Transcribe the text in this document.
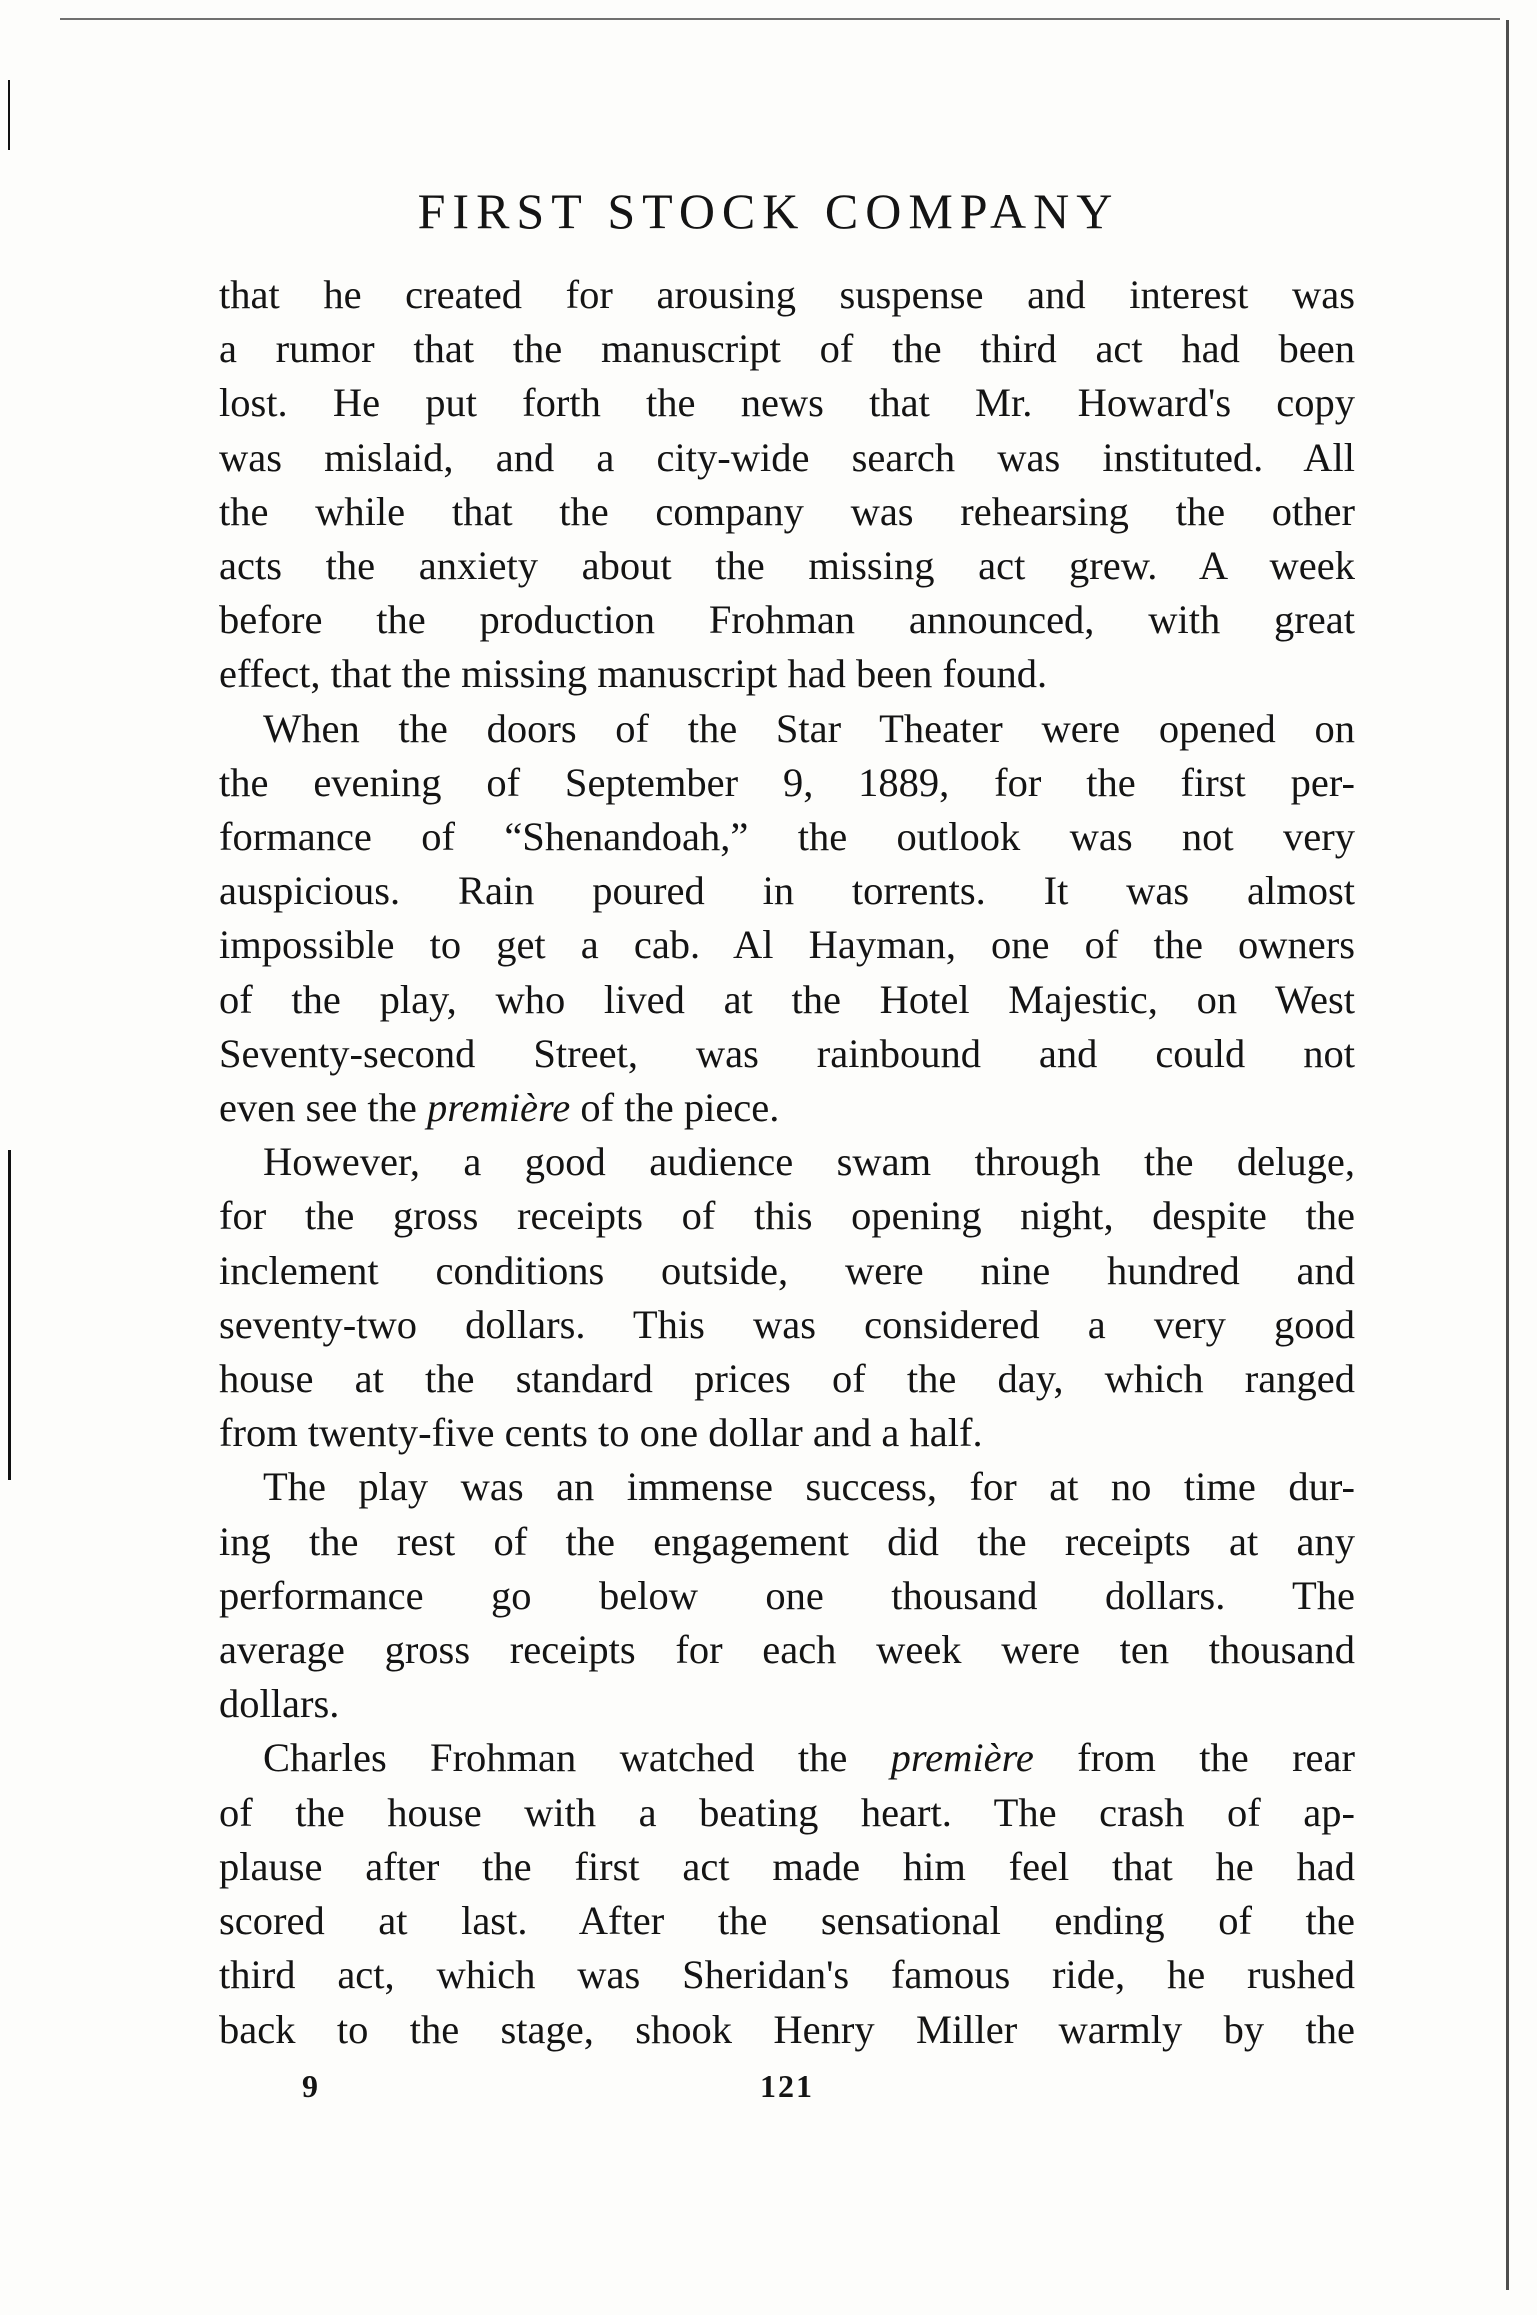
FIRST STOCK COMPANY
that he created for arousing suspense and interest was
a rumor that the manuscript of the third act had been
lost. He put forth the news that Mr. Howard's copy
was mislaid, and a city-wide search was instituted. All
the while that the company was rehearsing the other
acts the anxiety about the missing act grew. A week
before the production Frohman announced, with great
effect, that the missing manuscript had been found.
When the doors of the Star Theater were opened on
the evening of September 9, 1889, for the first per-
formance of “Shenandoah,” the outlook was not very
auspicious. Rain poured in torrents. It was almost
impossible to get a cab. Al Hayman, one of the owners
of the play, who lived at the Hotel Majestic, on West
Seventy-second Street, was rainbound and could not
even see the première of the piece.
However, a good audience swam through the deluge,
for the gross receipts of this opening night, despite the
inclement conditions outside, were nine hundred and
seventy-two dollars. This was considered a very good
house at the standard prices of the day, which ranged
from twenty-five cents to one dollar and a half.
The play was an immense success, for at no time dur-
ing the rest of the engagement did the receipts at any
performance go below one thousand dollars. The
average gross receipts for each week were ten thousand
dollars.
Charles Frohman watched the première from the rear
of the house with a beating heart. The crash of ap-
plause after the first act made him feel that he had
scored at last. After the sensational ending of the
third act, which was Sheridan's famous ride, he rushed
back to the stage, shook Henry Miller warmly by the
9	121
